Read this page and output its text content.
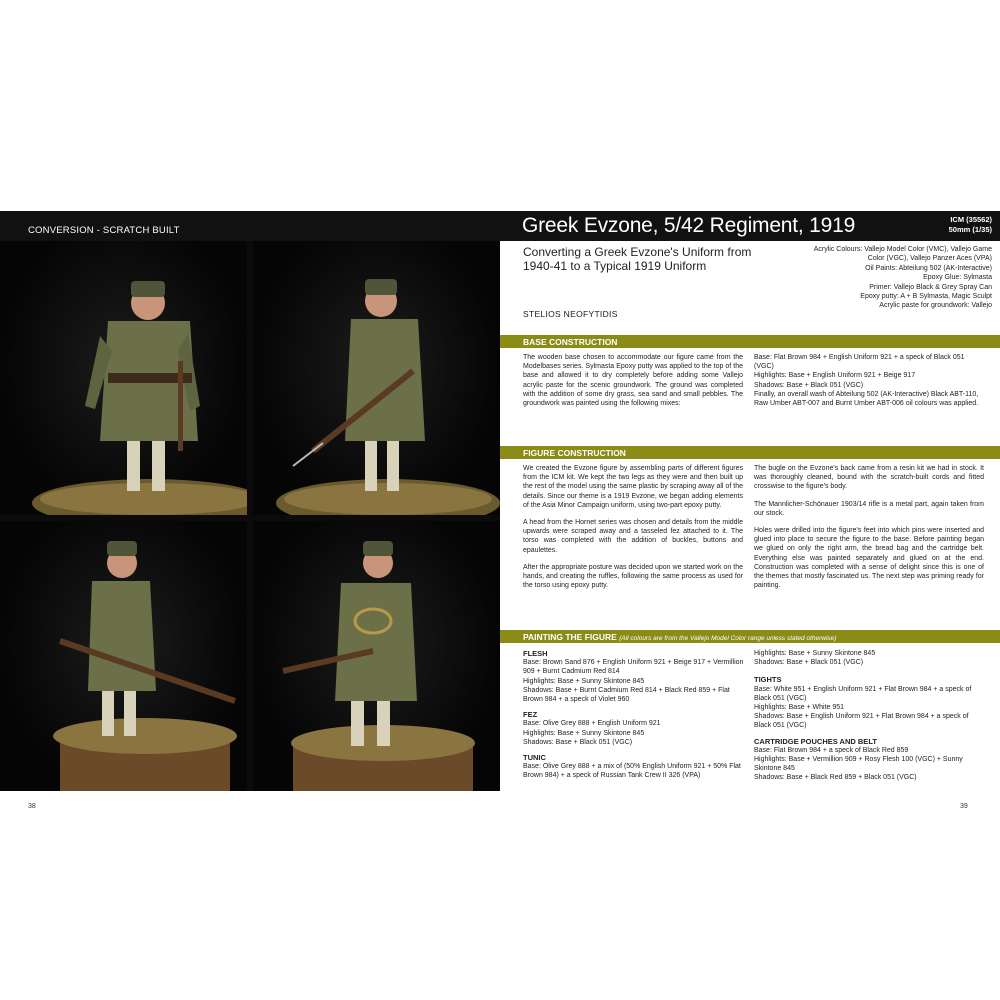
CONVERSION - SCRATCH BUILT	Greek Evzone, 5/42 Regiment, 1919	ICM (35562)
50mm (1/35)
38
Converting a Greek Evzone's Uniform from 1940-41 to a Typical 1919 Uniform
Acrylic Colours: Vallejo Model Color (VMC), Vallejo Game
Color (VGC), Vallejo Panzer Aces (VPA)
Oil Paints: Abteilung 502 (AK-Interactive)
Epoxy Glue: Sylmasta
Primer: Vallejo Black & Grey Spray Can
Epoxy putty: A + B Sylmasta, Magic Sculpt
Acrylic paste for groundwork: Vallejo
STELIOS NEOFYTIDIS
BASE CONSTRUCTION

The wooden base chosen to accommodate our figure came from the Modelbases series. Sylmasta Epoxy putty was applied to the top of the base and allowed it to dry completely before adding some Vallejo acrylic paste for the scenic groundwork. The ground was completed with the addition of some dry grass, sea sand and small pebbles. The groundwork was painted using the following mixes:

Base: Flat Brown 984 + English Uniform 921 + a speck of Black 051 (VGC)
Highlights: Base + English Uniform 921 + Beige 917
Shadows: Base + Black 051 (VGC)
Finally, an overall wash of Abteilung 502 (AK-Interactive) Black ABT-110, Raw Umber ABT-007 and Burnt Umber ABT-006 oil colours was applied.
FIGURE CONSTRUCTION

We created the Evzone figure by assembling parts of different figures from the ICM kit. We kept the two legs as they were and then built up the rest of the model using the same plastic by scraping away all of the details. Since our theme is a 1919 Evzone, we began adding elements of the Asia Minor Campaign uniform, using two-part epoxy putty.

A head from the Hornet series was chosen and details from the middle upwards were scraped away and a tasseled fez attached to it. The torso was completed with the addition of buckles, buttons and epaulettes.

After the appropriate posture was decided upon we started work on the hands, and creating the ruffles, following the same process as used for the torso using epoxy putty.

The bugle on the Evzone's back came from a resin kit we had in stock. It was thoroughly cleaned, bound with the scratch-built cords and fitted crosswise to the figure's body.

The Mannlicher-Schönauer 1903/14 rifle is a metal part, again taken from our stock.

Holes were drilled into the figure's feet into which pins were inserted and glued into place to secure the figure to the base. Before painting began we glued on only the right arm, the bread bag and the cartridge belt. Everything else was painted separately and glued on at the end. Construction was completed with a sense of delight since this is one of the themes that mostly fascinated us. The next step was priming ready for painting.

PAINTING THE FIGURE (All colours are from the Vallejo Model Color range unless stated otherwise)
FLESH
Base: Brown Sand 876 + English Uniform 921 + Beige 917 + Vermillion 909 + Burnt Cadmium Red 814
Highlights: Base + Sunny Skintone 845
Shadows: Base + Burnt Cadmium Red 814 + Black Red 859 + Flat Brown 984 + a speck of Violet 960
FEZ
Base: Olive Grey 888 + English Uniform 921
Highlights: Base + Sunny Skintone 845
Shadows: Base + Black 051 (VGC)
TUNIC
Base: Olive Grey 888 + a mix of (50% English Uniform 921 + 50% Flat Brown 984) + a speck of Russian Tank Crew II 326 (VPA)
Highlights: Base + Sunny Skintone 845
Shadows: Base + Black 051 (VGC)
TIGHTS
Base: White 951 + English Uniform 921 + Flat Brown 984 + a speck of Black 051 (VGC)
Highlights: Base + White 951
Shadows: Base + English Uniform 921 + Flat Brown 984 + a speck of Black 051 (VGC)
CARTRIDGE POUCHES AND BELT
Base: Flat Brown 984 + a speck of Black Red 859
Highlights: Base + Vermillion 909 + Rosy Flesh 100 (VGC) + Sunny Skintone 845
Shadows: Base + Black Red 859 + Black 051 (VGC)
39
